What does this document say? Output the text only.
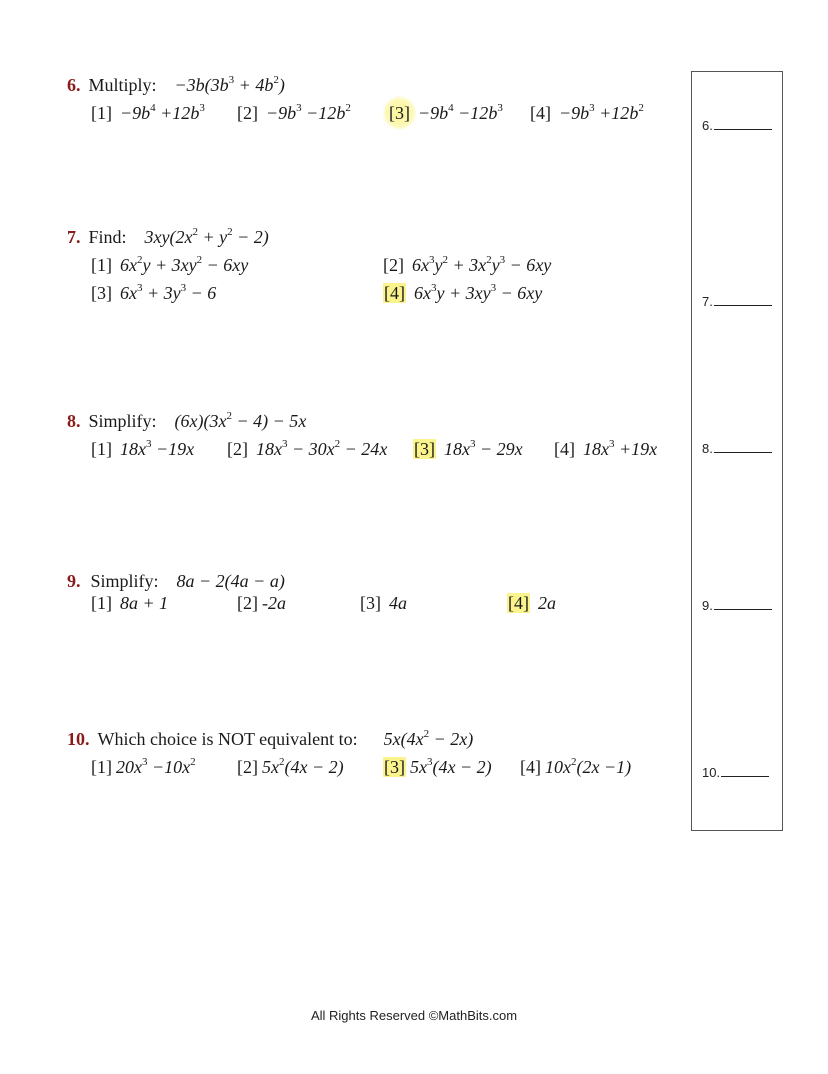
6. Multiply: $-3b(3b^3 + 4b^2)$
$[1] -9b^4 +12b^3$ $[2] -9b^3 -12b^2$ $[3] -9b^4 -12b^3$ $[4] -9b^3 +12b^2$
7. Find: $3xy(2x^2 + y^2 - 2)$
[1] $6x^2y + 3xy^2 - 6xy$	[2] $6x^3y^2 + 3x^2y^3 - 6xy$
[3] $6x^3 + 3y^3 - 6$	[4] $6x^3y + 3xy^3 - 6xy$
8. Simplify: $(6x)(3x^2 - 4) - 5x$
[1] $18x^3 -19x$ [2] $18x^3 - 30x^2 - 24x$ [3] $18x^3 - 29x$ [4] $18x^3 +19x$
9. Simplify: 8a − 2(4a − a)
[1] 8a + 1	[2] -2a	[3] 4a	[4] 2a
10. Which choice is NOT equivalent to: $5x(4x^2 - 2x)$
[1] $20x^3 -10x^2$ [2] $5x^2(4x - 2)$ [3] $5x^3(4x - 2)$ [4] $10x^2(2x -1)$
6.
7.
8.
9.
10.
All Rights Reserved ©MathBits.com
